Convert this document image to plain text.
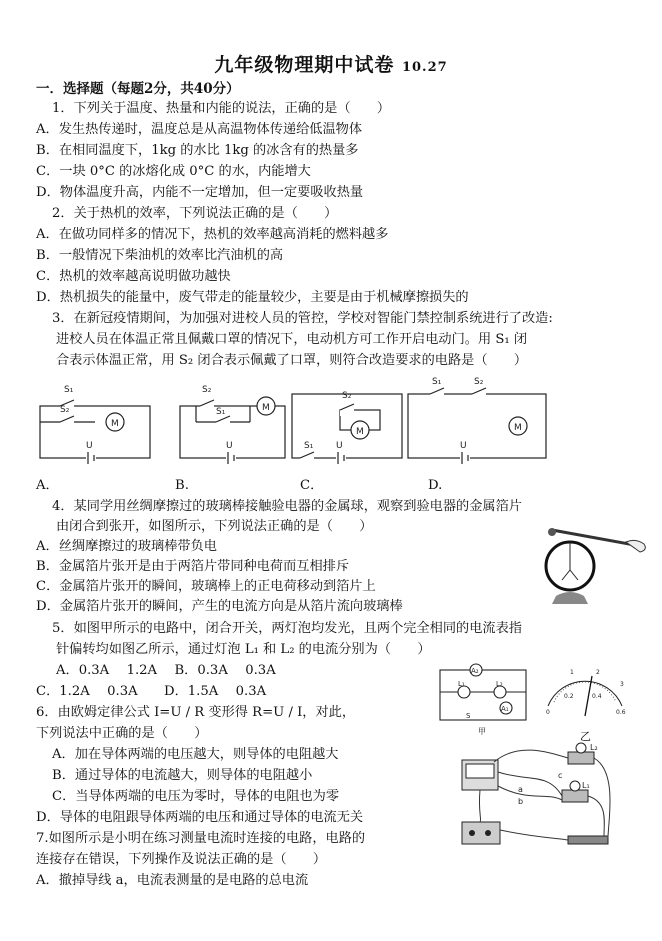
九年级物理期中试卷 10.27
一．选择题（每题2分，共40分）
1．下列关于温度、热量和内能的说法，正确的是（　　）
A．发生热传递时，温度总是从高温物体传递给低温物体
B．在相同温度下，1kg 的水比 1kg 的冰含有的热量多
C．一块 0°C 的冰熔化成 0°C 的水，内能增大
D．物体温度升高，内能不一定增加，但一定要吸收热量
2．关于热机的效率，下列说法正确的是（　　）
A．在做功同样多的情况下，热机的效率越高消耗的燃料越多
B．一般情况下柴油机的效率比汽油机的高
C．热机的效率越高说明做功越快
D．热机损失的能量中，废气带走的能量较少，主要是由于机械摩擦损失的
3．在新冠疫情期间，为加强对进校人员的管控，学校对智能门禁控制系统进行了改造:
进校人员在体温正常且佩戴口罩的情况下，电动机方可工作开启电动门。用 S₁ 闭
合表示体温正常，用 S₂ 闭合表示佩戴了口罩，则符合改造要求的电路是（　　）
S₁
S₂
M
U
S₂
S₁	M
U
S₂
M
S₁	U
S₁	S₂
M
U
A．	B.	C．	D.
4．某同学用丝绸摩擦过的玻璃棒接触验电器的金属球，观察到验电器的金属箔片
由闭合到张开，如图所示，下列说法正确的是（　　）
A．丝绸摩擦过的玻璃棒带负电
B．金属箔片张开是由于两箔片带同种电荷而互相排斥
C．金属箔片张开的瞬间，玻璃棒上的正电荷移动到箔片上
D．金属箔片张开的瞬间，产生的电流方向是从箔片流向玻璃棒
5．如图甲所示的电路中，闭合开关，两灯泡均发光，且两个完全相同的电流表指
针偏转均如图乙所示，通过灯泡 L₁ 和 L₂ 的电流分别为（　　）
A．0.3A　 1.2A　 B．0.3A　 0.3A
C．1.2A　 0.3A　　D．1.5A　 0.3A
A₂
L₁	L₂
A₁
S
甲
0
0.2	0.4
0.6
1	2
3
乙
6．由欧姆定律公式 I=U / R 变形得 R=U / I，对此，
下列说法中正确的是（　　）
A．加在导体两端的电压越大，则导体的电阻越大
B．通过导体的电流越大，则导体的电阻越小
C．当导体两端的电压为零时，导体的电阻也为零
D．导体的电阻跟导体两端的电压和通过导体的电流无关
L₂
L₁
a
b
c
7.如图所示是小明在练习测量电流时连接的电路，电路的
连接存在错误，下列操作及说法正确的是（　　）
A．撤掉导线 a，电流表测量的是电路的总电流
